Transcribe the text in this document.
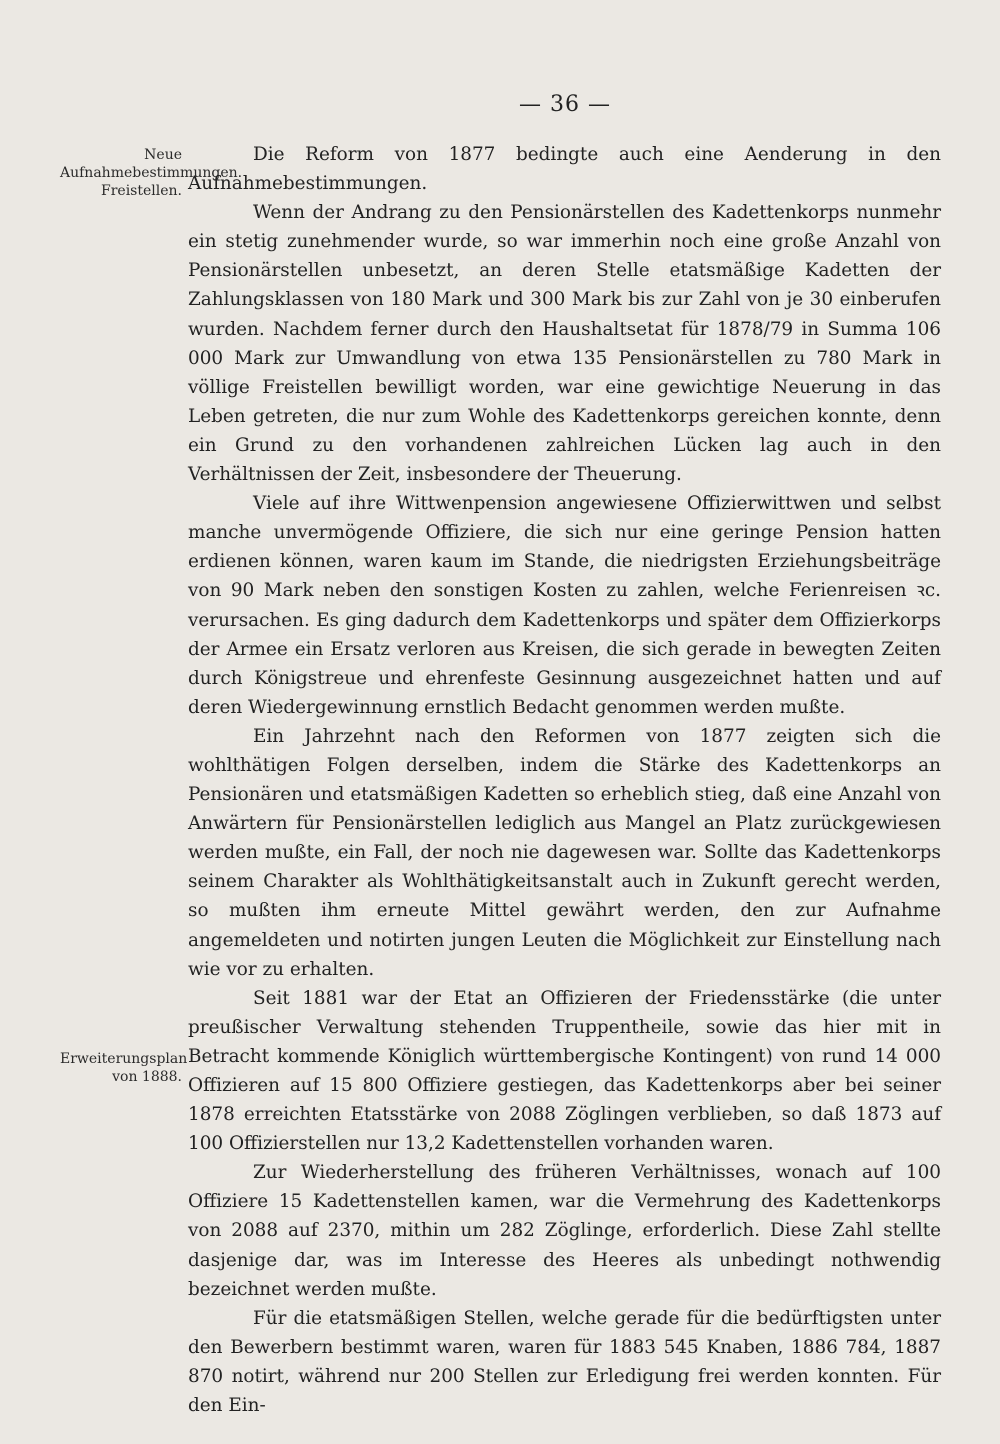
— 36 —
Neue Aufnahmebestimmungen. Freistellen.
Erweiterungsplan von 1888.

Die Reform von 1877 bedingte auch eine Aenderung in den Aufnahmebestimmungen.

Wenn der Andrang zu den Pensionärstellen des Kadettenkorps nunmehr ein stetig zunehmender wurde, so war immerhin noch eine große Anzahl von Pensionärstellen unbesetzt, an deren Stelle etatsmäßige Kadetten der Zahlungsklassen von 180 Mark und 300 Mark bis zur Zahl von je 30 einberufen wurden. Nachdem ferner durch den Haushaltsetat für 1878/79 in Summa 106 000 Mark zur Umwandlung von etwa 135 Pensionärstellen zu 780 Mark in völlige Freistellen bewilligt worden, war eine gewichtige Neuerung in das Leben getreten, die nur zum Wohle des Kadettenkorps gereichen konnte, denn ein Grund zu den vorhandenen zahlreichen Lücken lag auch in den Verhältnissen der Zeit, insbesondere der Theuerung.

Viele auf ihre Wittwenpension angewiesene Offizierwittwen und selbst manche unvermögende Offiziere, die sich nur eine geringe Pension hatten erdienen können, waren kaum im Stande, die niedrigsten Erziehungsbeiträge von 90 Mark neben den sonstigen Kosten zu zahlen, welche Ferienreisen ꝛc. verursachen. Es ging dadurch dem Kadettenkorps und später dem Offizierkorps der Armee ein Ersatz verloren aus Kreisen, die sich gerade in bewegten Zeiten durch Königstreue und ehrenfeste Gesinnung ausgezeichnet hatten und auf deren Wiedergewinnung ernstlich Bedacht genommen werden mußte.

Ein Jahrzehnt nach den Reformen von 1877 zeigten sich die wohlthätigen Folgen derselben, indem die Stärke des Kadettenkorps an Pensionären und etatsmäßigen Kadetten so erheblich stieg, daß eine Anzahl von Anwärtern für Pensionärstellen lediglich aus Mangel an Platz zurückgewiesen werden mußte, ein Fall, der noch nie dagewesen war. Sollte das Kadettenkorps seinem Charakter als Wohlthätigkeitsanstalt auch in Zukunft gerecht werden, so mußten ihm erneute Mittel gewährt werden, den zur Aufnahme angemeldeten und notirten jungen Leuten die Möglichkeit zur Einstellung nach wie vor zu erhalten.

Seit 1881 war der Etat an Offizieren der Friedensstärke (die unter preußischer Verwaltung stehenden Truppentheile, sowie das hier mit in Betracht kommende Königlich württembergische Kontingent) von rund 14 000 Offizieren auf 15 800 Offiziere gestiegen, das Kadettenkorps aber bei seiner 1878 erreichten Etatsstärke von 2088 Zöglingen verblieben, so daß 1873 auf 100 Offizierstellen nur 13,2 Kadettenstellen vorhanden waren.

Zur Wiederherstellung des früheren Verhältnisses, wonach auf 100 Offiziere 15 Kadettenstellen kamen, war die Vermehrung des Kadettenkorps von 2088 auf 2370, mithin um 282 Zöglinge, erforderlich. Diese Zahl stellte dasjenige dar, was im Interesse des Heeres als unbedingt nothwendig bezeichnet werden mußte.

Für die etatsmäßigen Stellen, welche gerade für die bedürftigsten unter den Bewerbern bestimmt waren, waren für 1883 545 Knaben, 1886 784, 1887 870 notirt, während nur 200 Stellen zur Erledigung frei werden konnten. Für den Ein-
